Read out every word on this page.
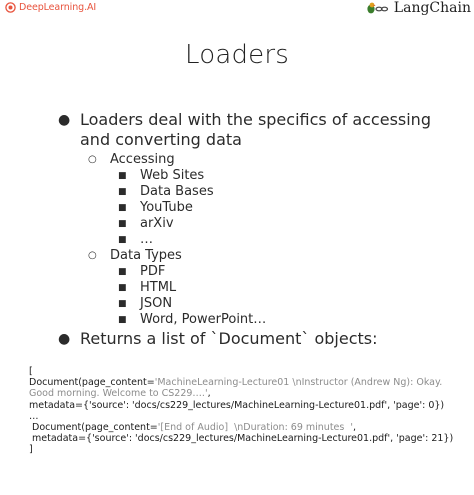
DeepLearning.AI	LangChain
Loaders
● Loaders deal with the specifics of accessing and converting data
○ Accessing
■ Web Sites
■ Data Bases
■ YouTube
■ arXiv
■ …
○ Data Types
■ PDF
■ HTML
■ JSON
■ Word, PowerPoint…
● Returns a list of `Document` objects:
[
Document(page_content='MachineLearning-Lecture01 \nInstructor (Andrew Ng): Okay.
Good morning. Welcome to CS229….',
metadata={'source': 'docs/cs229_lectures/MachineLearning-Lecture01.pdf', 'page': 0})
…
Document(page_content='[End of Audio]  \nDuration: 69 minutes  ',
metadata={'source': 'docs/cs229_lectures/MachineLearning-Lecture01.pdf', 'page': 21})
]
